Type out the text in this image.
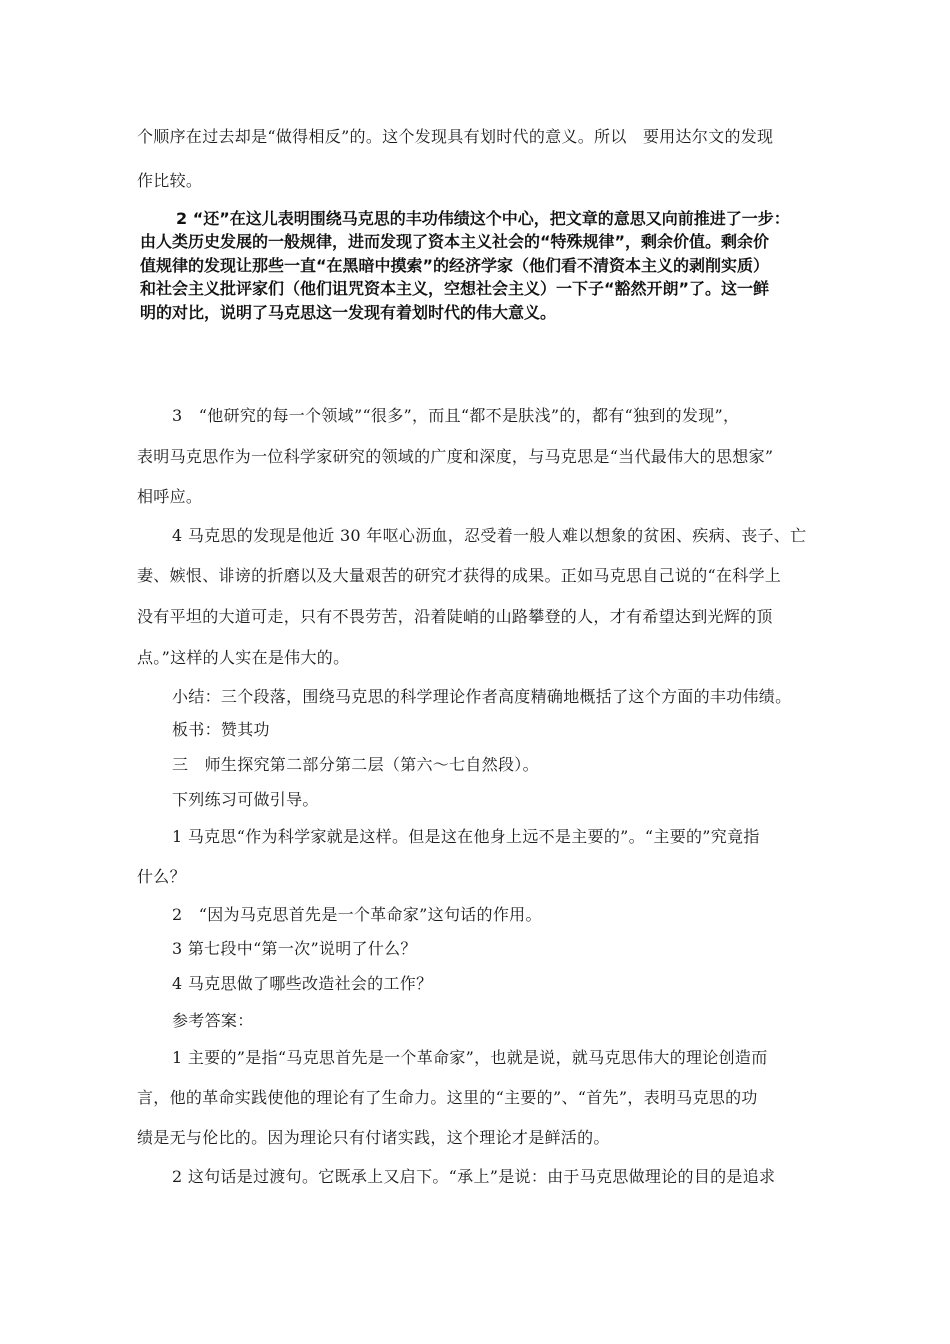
个顺序在过去却是“做得相反”的。这个发现具有划时代的意义。所以　要用达尔文的发现
作比较。
2 “还”在这儿表明围绕马克思的丰功伟绩这个中心，把文章的意思又向前推进了一步：
由人类历史发展的一般规律，进而发现了资本主义社会的“特殊规律”，剩余价值。剩余价
值规律的发现让那些一直“在黑暗中摸索”的经济学家（他们看不清资本主义的剥削实质）
和社会主义批评家们（他们诅咒资本主义，空想社会主义）一下子“豁然开朗”了。这一鲜
明的对比，说明了马克思这一发现有着划时代的伟大意义。
3　“他研究的每一个领域”“很多”，而且“都不是肤浅”的，都有“独到的发现”，
表明马克思作为一位科学家研究的领域的广度和深度，与马克思是“当代最伟大的思想家”
相呼应。
4 马克思的发现是他近 30 年呕心沥血，忍受着一般人难以想象的贫困、疾病、丧子、亡
妻、嫉恨、诽谤的折磨以及大量艰苦的研究才获得的成果。正如马克思自己说的“在科学上
没有平坦的大道可走，只有不畏劳苦，沿着陡峭的山路攀登的人，才有希望达到光辉的顶
点。”这样的人实在是伟大的。
小结：三个段落，围绕马克思的科学理论作者高度精确地概括了这个方面的丰功伟绩。
板书：赞其功
三　师生探究第二部分第二层（第六～七自然段）。
下列练习可做引导。
1 马克思“作为科学家就是这样。但是这在他身上远不是主要的”。“主要的”究竟指
什么？
2　“因为马克思首先是一个革命家”这句话的作用。
3 第七段中“第一次”说明了什么？
4 马克思做了哪些改造社会的工作？
参考答案：
1 主要的”是指“马克思首先是一个革命家”，也就是说，就马克思伟大的理论创造而
言，他的革命实践使他的理论有了生命力。这里的“主要的”、“首先”，表明马克思的功
绩是无与伦比的。因为理论只有付诸实践，这个理论才是鲜活的。
2 这句话是过渡句。它既承上又启下。“承上”是说：由于马克思做理论的目的是追求
